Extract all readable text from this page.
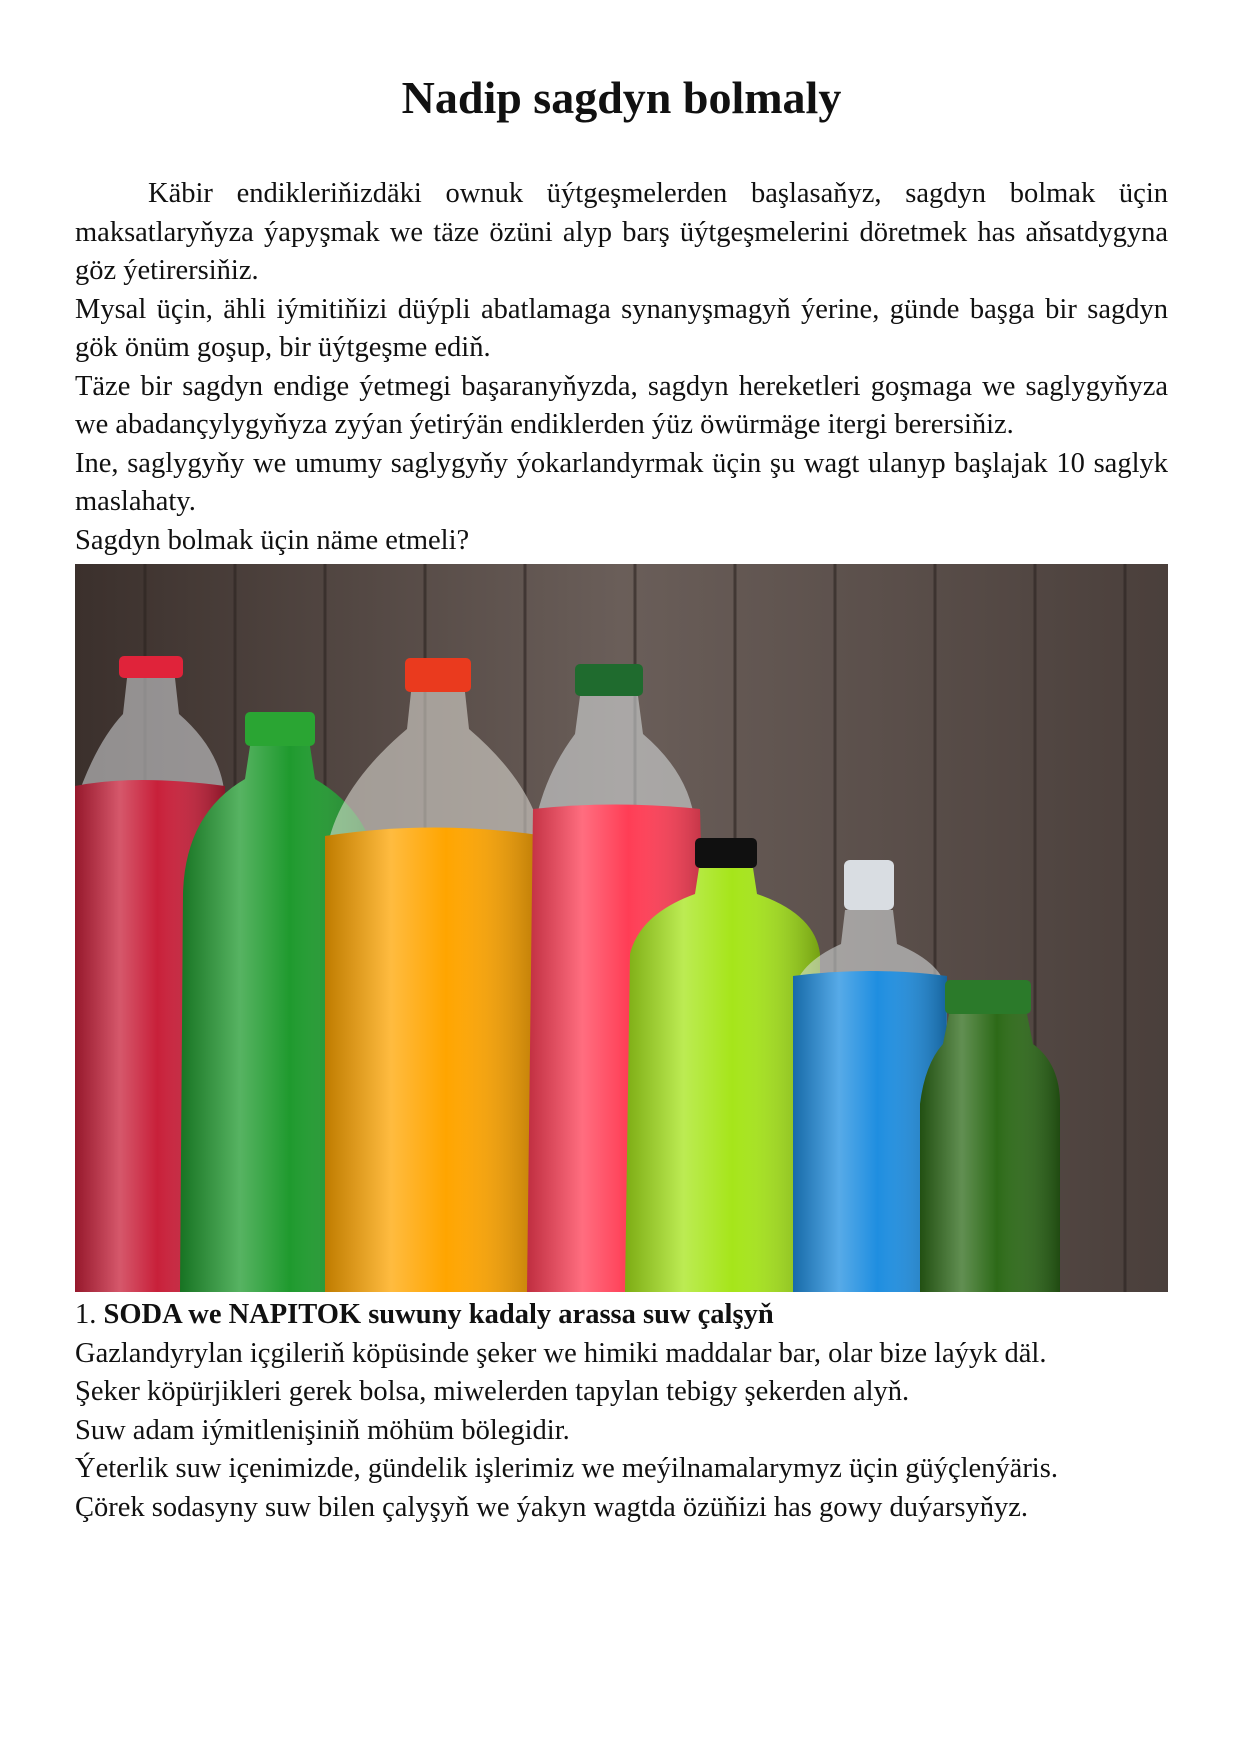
Nadip sagdyn bolmaly

Käbir endikleriňizdäki ownuk üýtgeşmelerden başlasaňyz, sagdyn bolmak üçin maksatlaryňyza ýapyşmak we täze özüni alyp barş üýtgeşmelerini döretmek has aňsatdygyna göz ýetirersiňiz.

Mysal üçin, ähli iýmitiňizi düýpli abatlamaga synanyşmagyň ýerine, günde başga bir sagdyn gök önüm goşup, bir üýtgeşme ediň.

Täze bir sagdyn endige ýetmegi başaranyňyzda, sagdyn hereketleri goşmaga we saglygyňyza we abadançylygyňyza zyýan ýetirýän endiklerden ýüz öwürmäge itergi berersiňiz.

Ine, saglygyňy we umumy saglygyňy ýokarlandyrmak üçin şu wagt ulanyp başlajak 10 saglyk maslahaty.

Sagdyn bolmak üçin näme etmeli?

1. SODA we NAPITOK suwuny kadaly arassa suw çalşyň

Gazlandyrylan içgileriň köpüsinde şeker we himiki maddalar bar, olar bize laýyk däl.

Şeker köpürjikleri gerek bolsa, miwelerden tapylan tebigy şekerden alyň.

Suw adam iýmitlenişiniň möhüm bölegidir.

Ýeterlik suw içenimizde, gündelik işlerimiz we meýilnamalarymyz üçin güýçlenýäris.

Çörek sodasyny suw bilen çalyşyň we ýakyn wagtda özüňizi has gowy duýarsyňyz.
